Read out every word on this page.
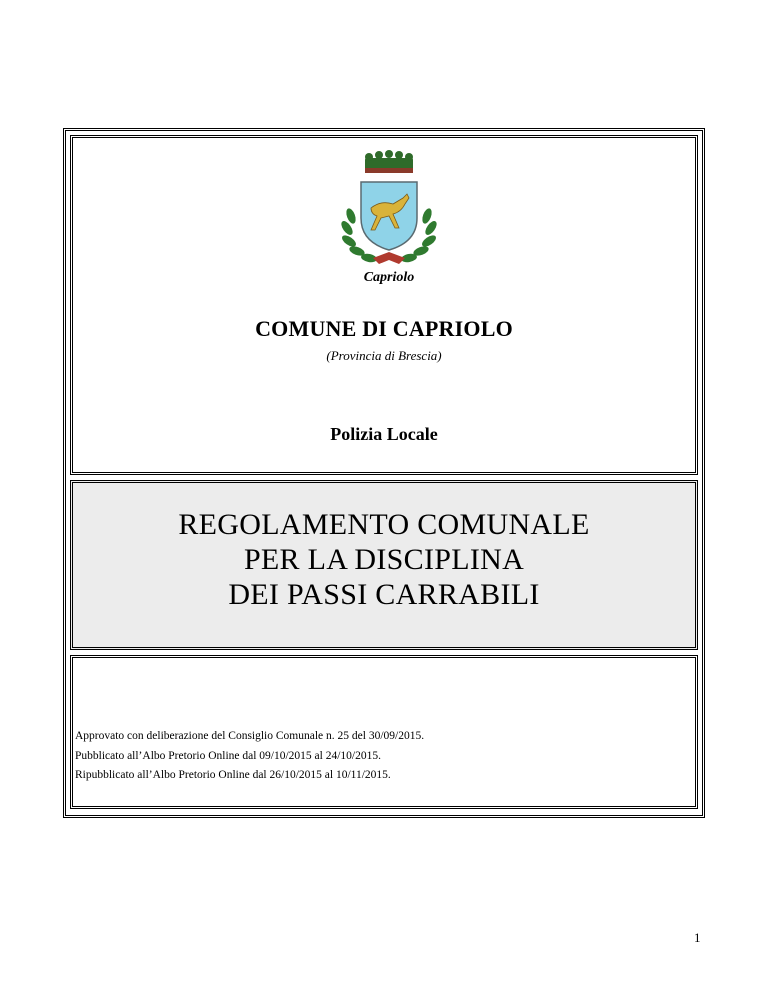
Capriolo
COMUNE DI CAPRIOLO
(Provincia di Brescia)
Polizia Locale
REGOLAMENTO COMUNALE
PER LA DISCIPLINA
DEI PASSI CARRABILI
Approvato con deliberazione del Consiglio Comunale n. 25 del 30/09/2015.
Pubblicato all’Albo Pretorio Online dal 09/10/2015 al 24/10/2015.
Ripubblicato all’Albo Pretorio Online dal 26/10/2015 al 10/11/2015.
1
